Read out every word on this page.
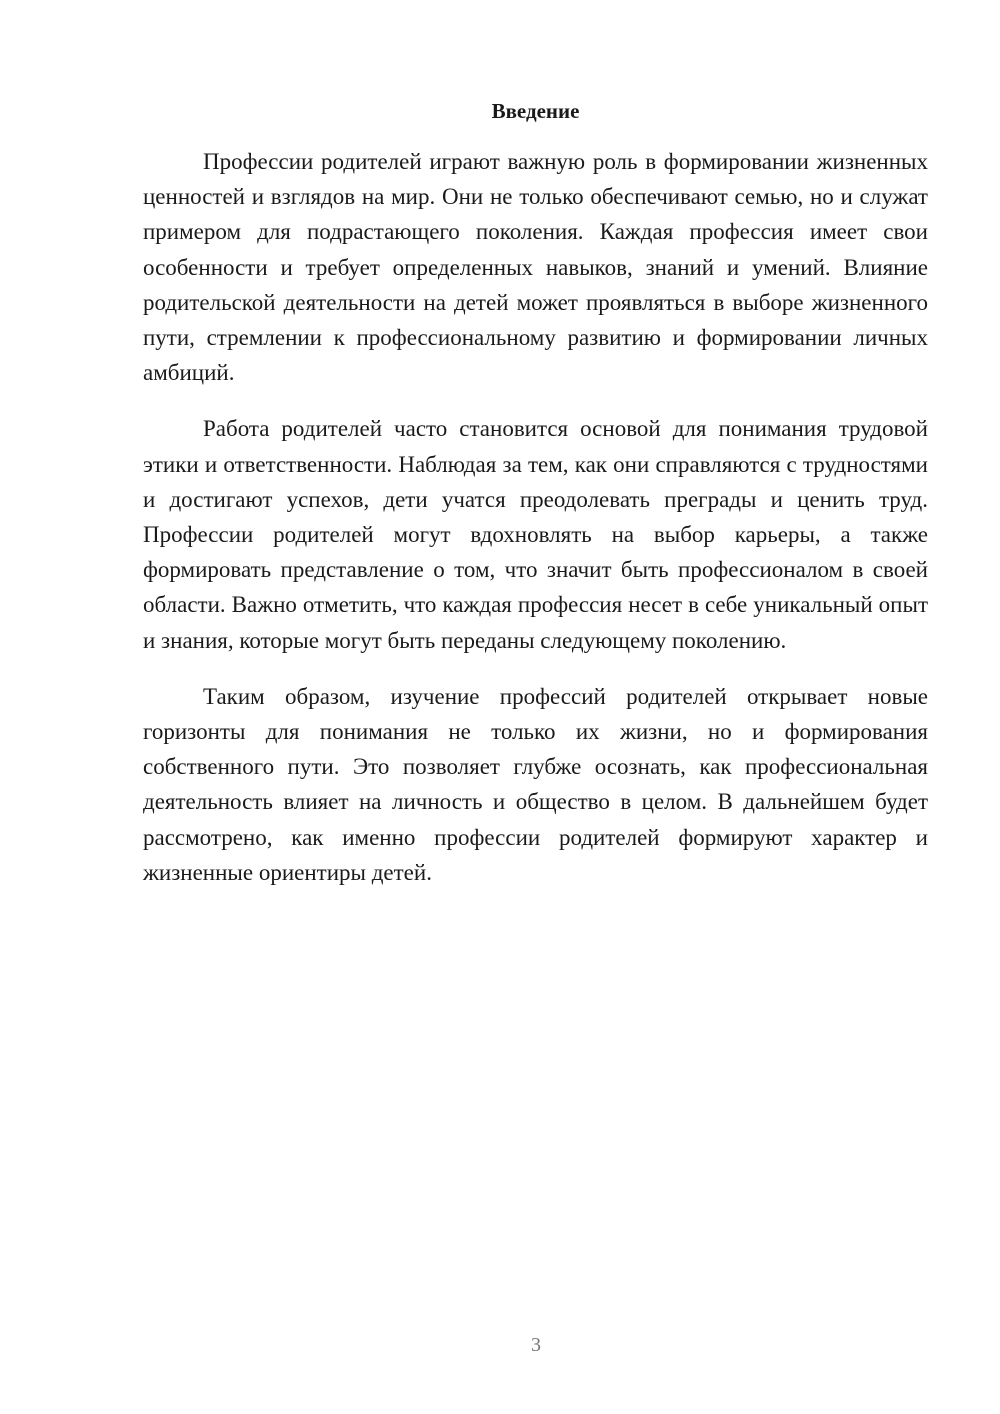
Введение

Профессии родителей играют важную роль в формировании жизненных ценностей и взглядов на мир. Они не только обеспечивают семью, но и служат примером для подрастающего поколения. Каждая профессия имеет свои особенности и требует определенных навыков, знаний и умений. Влияние родительской деятельности на детей может проявляться в выборе жизненного пути, стремлении к профессиональному развитию и формировании личных амбиций.

Работа родителей часто становится основой для понимания трудовой этики и ответственности. Наблюдая за тем, как они справляются с трудностями и достигают успехов, дети учатся преодолевать преграды и ценить труд. Профессии родителей могут вдохновлять на выбор карьеры, а также формировать представление о том, что значит быть профессионалом в своей области. Важно отметить, что каждая профессия несет в себе уникальный опыт и знания, которые могут быть переданы следующему поколению.

Таким образом, изучение профессий родителей открывает новые горизонты для понимания не только их жизни, но и формирования собственного пути. Это позволяет глубже осознать, как профессиональная деятельность влияет на личность и общество в целом. В дальнейшем будет рассмотрено, как именно профессии родителей формируют характер и жизненные ориентиры детей.

3
